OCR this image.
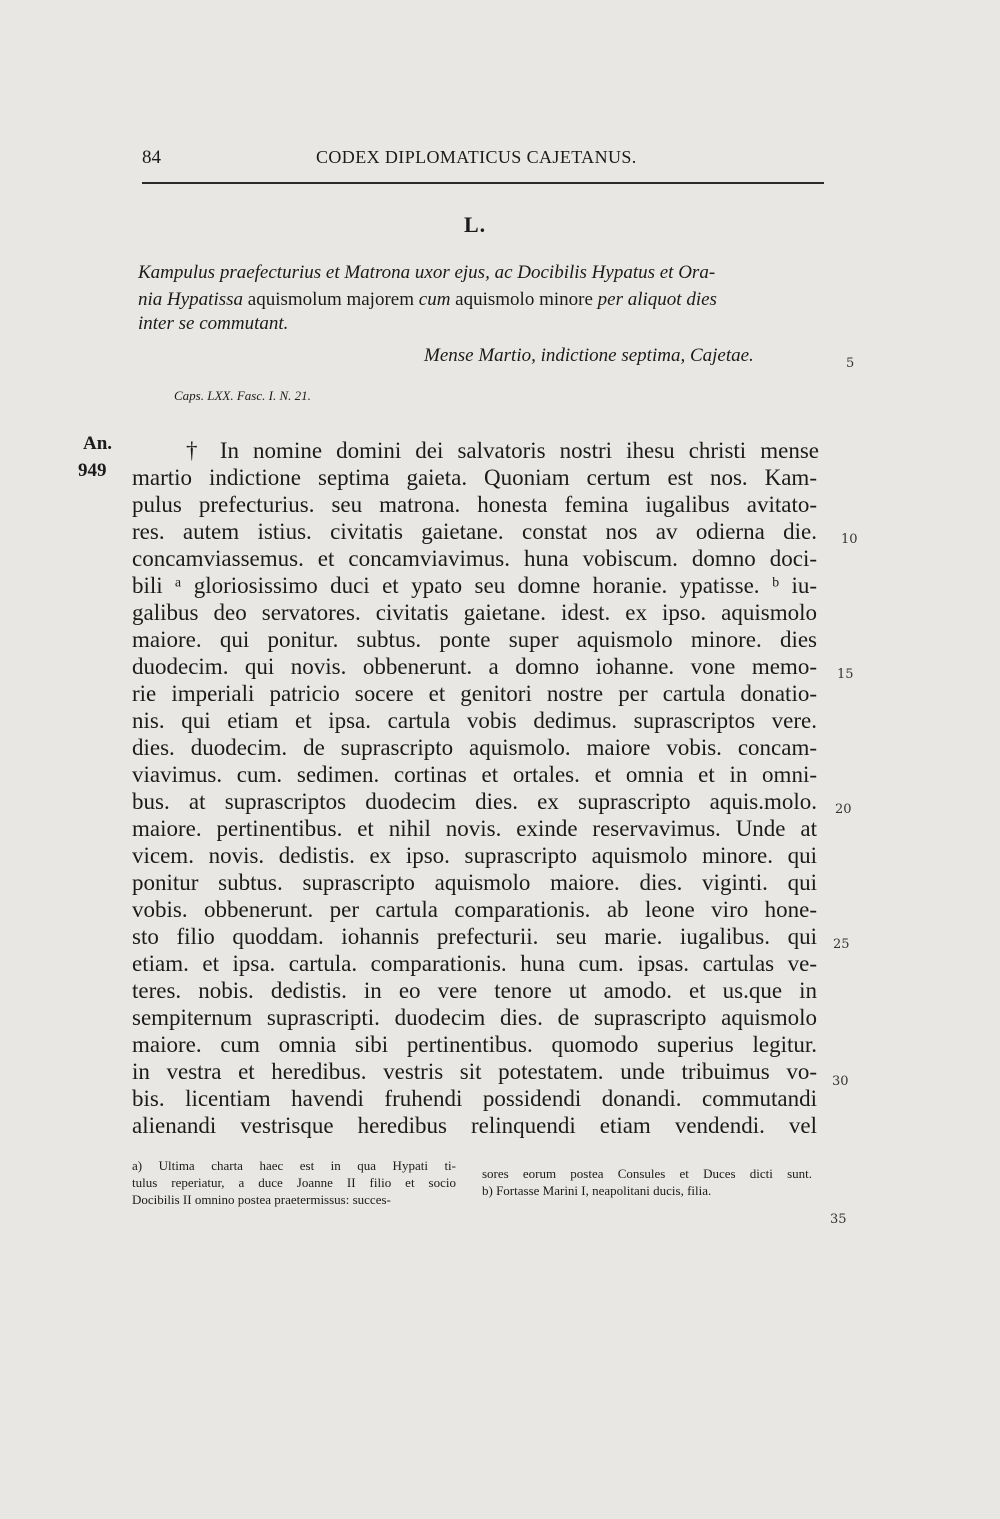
84	CODEX DIPLOMATICUS CAJETANUS.
L.
Kampulus praefecturius et Matrona uxor ejus, ac Docibilis Hypatus et Ora-
nia Hypatissa aquismolum majorem cum aquismolo minore per aliquot dies
inter se commutant.
Mense Martio, indictione septima, Cajetae.
Caps. LXX. Fasc. I. N. 21.
An.
949
5
10
15
20
25
30
35
† In nomine domini dei salvatoris nostri ihesu christi mense
martio indictione septima gaieta. Quoniam certum est nos. Kam-
pulus prefecturius. seu matrona. honesta femina iugalibus avitato-
res. autem istius. civitatis gaietane. constat nos av odierna die.
concamviassemus. et concamviavimus. huna vobiscum. domno doci-
bili ᵃ gloriosissimo duci et ypato seu domne horanie. ypatisse. ᵇ iu-
galibus deo servatores. civitatis gaietane. idest. ex ipso. aquismolo
maiore. qui ponitur. subtus. ponte super aquismolo minore. dies
duodecim. qui novis. obbenerunt. a domno iohanne. vone memo-
rie imperiali patricio socere et genitori nostre per cartula donatio-
nis. qui etiam et ipsa. cartula vobis dedimus. suprascriptos vere.
dies. duodecim. de suprascripto aquismolo. maiore vobis. concam-
viavimus. cum. sedimen. cortinas et ortales. et omnia et in omni-
bus. at suprascriptos duodecim dies. ex suprascripto aquis.molo.
maiore. pertinentibus. et nihil novis. exinde reservavimus. Unde at
vicem. novis. dedistis. ex ipso. suprascripto aquismolo minore. qui
ponitur subtus. suprascripto aquismolo maiore. dies. viginti. qui
vobis. obbenerunt. per cartula comparationis. ab leone viro hone-
sto filio quoddam. iohannis prefecturii. seu marie. iugalibus. qui
etiam. et ipsa. cartula. comparationis. huna cum. ipsas. cartulas ve-
teres. nobis. dedistis. in eo vere tenore ut amodo. et us.que in
sempiternum suprascripti. duodecim dies. de suprascripto aquismolo
maiore. cum omnia sibi pertinentibus. quomodo superius legitur.
in vestra et heredibus. vestris sit potestatem. unde tribuimus vo-
bis. licentiam havendi fruhendi possidendi donandi. commutandi
alienandi vestrisque heredibus relinquendi etiam vendendi. vel

a) Ultima charta haec est in qua Hypati ti-

tulus reperiatur, a duce Joanne II filio et socio

Docibilis II omnino postea praetermissus: succes-

sores eorum postea Consules et Duces dicti sunt.

b) Fortasse Marini I, neapolitani ducis, filia.
